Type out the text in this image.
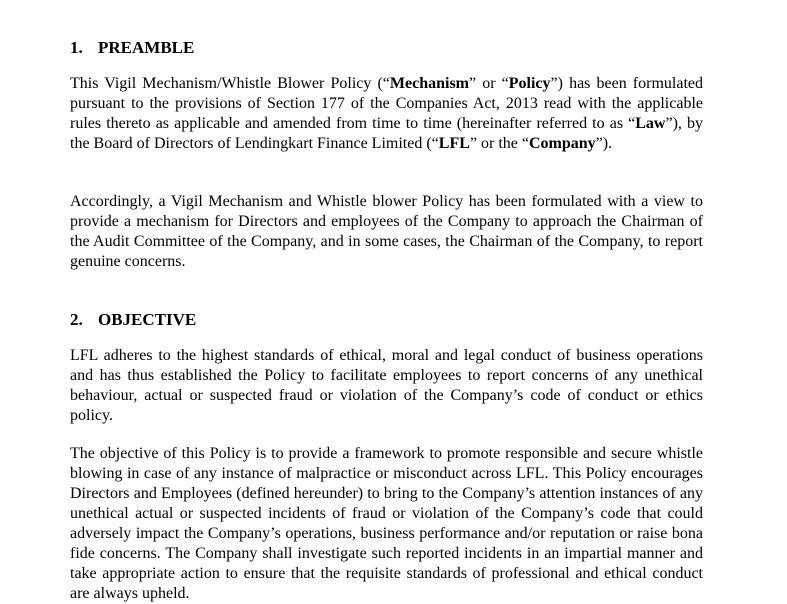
1. PREAMBLE

This Vigil Mechanism/Whistle Blower Policy (“Mechanism” or “Policy”) has been formulated pursuant to the provisions of Section 177 of the Companies Act, 2013 read with the applicable rules thereto as applicable and amended from time to time (hereinafter referred to as “Law”), by the Board of Directors of Lendingkart Finance Limited (“LFL” or the “Company”).

Accordingly, a Vigil Mechanism and Whistle blower Policy has been formulated with a view to provide a mechanism for Directors and employees of the Company to approach the Chairman of the Audit Committee of the Company, and in some cases, the Chairman of the Company, to report genuine concerns.

2. OBJECTIVE

LFL adheres to the highest standards of ethical, moral and legal conduct of business operations and has thus established the Policy to facilitate employees to report concerns of any unethical behaviour, actual or suspected fraud or violation of the Company’s code of conduct or ethics policy.

The objective of this Policy is to provide a framework to promote responsible and secure whistle blowing in case of any instance of malpractice or misconduct across LFL. This Policy encourages Directors and Employees (defined hereunder) to bring to the Company’s attention instances of any unethical actual or suspected incidents of fraud or violation of the Company’s code that could adversely impact the Company’s operations, business performance and/or reputation or raise bona fide concerns. The Company shall investigate such reported incidents in an impartial manner and take appropriate action to ensure that the requisite standards of professional and ethical conduct are always upheld.
